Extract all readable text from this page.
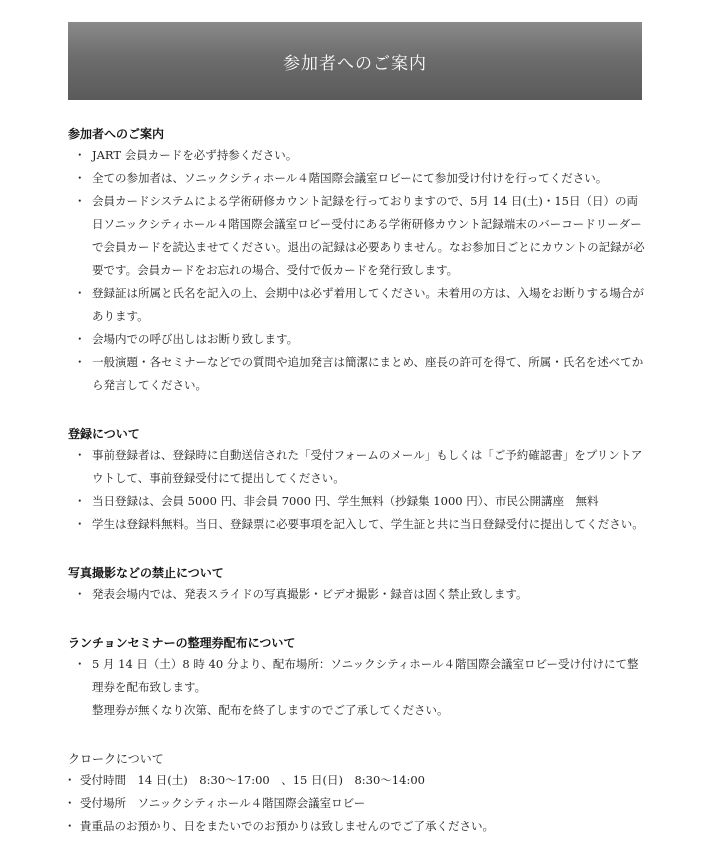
参加者へのご案内
参加者へのご案内
・ JART 会員カードを必ず持参ください。
・ 全ての参加者は、ソニックシティホール４階国際会議室ロビーにて参加受け付けを行ってください。
・ 会員カードシステムによる学術研修カウント記録を行っておりますので、5月 14 日(土)・15日（日）の両日ソニックシティホール４階国際会議室ロビー受付にある学術研修カウント記録端末のバーコードリーダーで会員カードを読込ませてください。退出の記録は必要ありません。なお参加日ごとにカウントの記録が必要です。会員カードをお忘れの場合、受付で仮カードを発行致します。
・ 登録証は所属と氏名を記入の上、会期中は必ず着用してください。未着用の方は、入場をお断りする場合があります。
・ 会場内での呼び出しはお断り致します。
・ 一般演題・各セミナーなどでの質問や追加発言は簡潔にまとめ、座長の許可を得て、所属・氏名を述べてから発言してください。
登録について
・ 事前登録者は、登録時に自動送信された「受付フォームのメール」もしくは「ご予約確認書」をプリントアウトして、事前登録受付にて提出してください。
・ 当日登録は、会員 5000 円、非会員 7000 円、学生無料（抄録集 1000 円）、市民公開講座　無料
・ 学生は登録料無料。当日、登録票に必要事項を記入して、学生証と共に当日登録受付に提出してください。
写真撮影などの禁止について
・ 発表会場内では、発表スライドの写真撮影・ビデオ撮影・録音は固く禁止致します。
ランチョンセミナーの整理券配布について
・ 5 月 14 日（土）8 時 40 分より、配布場所：ソニックシティホール４階国際会議室ロビー受け付けにて整理券を配布致します。
整理券が無くなり次第、配布を終了しますのでご了承してください。
クロークについて
・ 受付時間　14 日(土)　8:30〜17:00　、15 日(日)　8:30〜14:00
・ 受付場所　ソニックシティホール４階国際会議室ロビー
・ 貴重品のお預かり、日をまたいでのお預かりは致しませんのでご了承ください。
